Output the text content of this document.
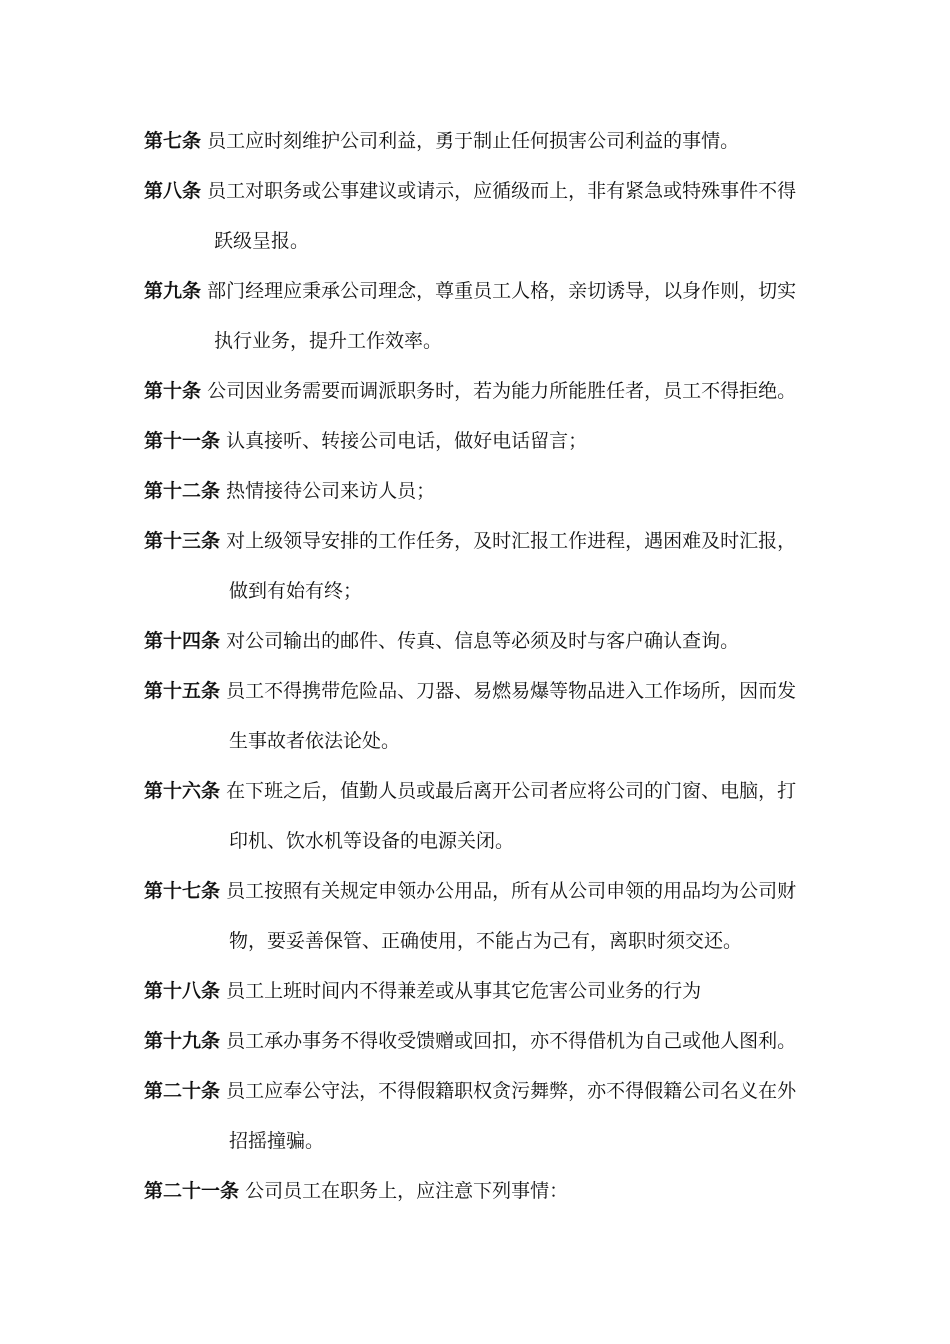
第七条 员工应时刻维护公司利益，勇于制止任何损害公司利益的事情。
第八条 员工对职务或公事建议或请示，应循级而上，非有紧急或特殊事件不得
跃级呈报。
第九条 部门经理应秉承公司理念，尊重员工人格，亲切诱导，以身作则，切实
执行业务，提升工作效率。
第十条 公司因业务需要而调派职务时，若为能力所能胜任者，员工不得拒绝。
第十一条 认真接听、转接公司电话，做好电话留言；
第十二条 热情接待公司来访人员；
第十三条 对上级领导安排的工作任务，及时汇报工作进程，遇困难及时汇报，
做到有始有终；
第十四条 对公司输出的邮件、传真、信息等必须及时与客户确认查询。
第十五条 员工不得携带危险品、刀器、易燃易爆等物品进入工作场所，因而发
生事故者依法论处。
第十六条 在下班之后，值勤人员或最后离开公司者应将公司的门窗、电脑，打
印机、饮水机等设备的电源关闭。
第十七条 员工按照有关规定申领办公用品，所有从公司申领的用品均为公司财
物，要妥善保管、正确使用，不能占为己有，离职时须交还。
第十八条 员工上班时间内不得兼差或从事其它危害公司业务的行为
第十九条 员工承办事务不得收受馈赠或回扣，亦不得借机为自己或他人图利。
第二十条 员工应奉公守法，不得假籍职权贪污舞弊，亦不得假籍公司名义在外
招摇撞骗。
第二十一条 公司员工在职务上，应注意下列事情：
